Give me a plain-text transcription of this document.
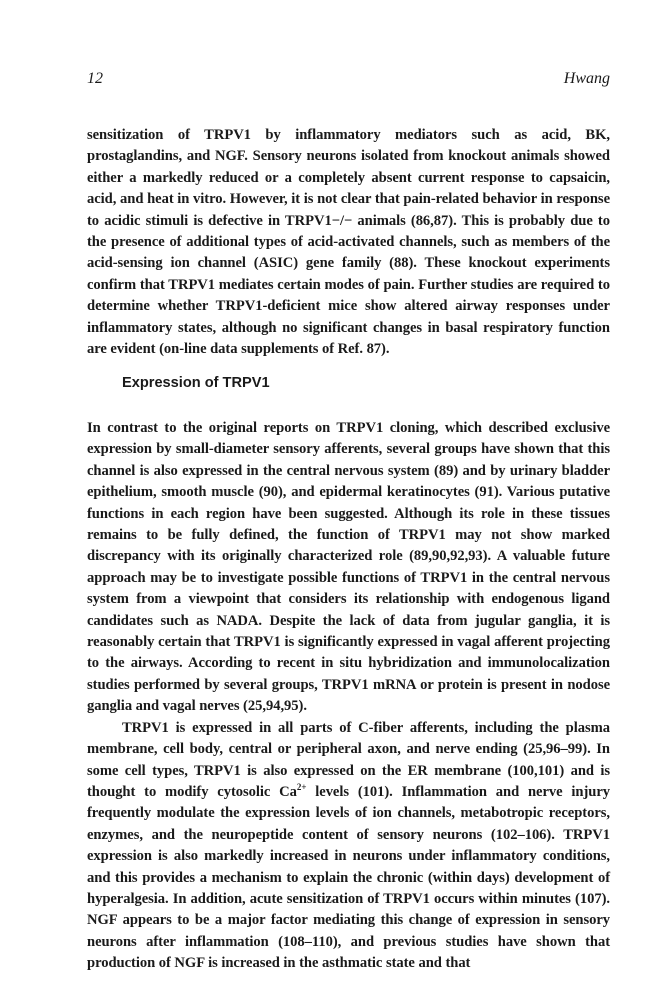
12	Hwang

sensitization of TRPV1 by inflammatory mediators such as acid, BK, prostaglandins, and NGF. Sensory neurons isolated from knockout animals showed either a markedly reduced or a completely absent current response to capsaicin, acid, and heat in vitro. However, it is not clear that pain-related behavior in response to acidic stimuli is defective in TRPV1−/− animals (86,87). This is probably due to the presence of additional types of acid-activated channels, such as members of the acid-sensing ion channel (ASIC) gene family (88). These knockout experiments confirm that TRPV1 mediates certain modes of pain. Further studies are required to determine whether TRPV1-deficient mice show altered airway responses under inflammatory states, although no significant changes in basal respiratory function are evident (on-line data supplements of Ref. 87).

Expression of TRPV1

In contrast to the original reports on TRPV1 cloning, which described exclusive expression by small-diameter sensory afferents, several groups have shown that this channel is also expressed in the central nervous system (89) and by urinary bladder epithelium, smooth muscle (90), and epidermal keratinocytes (91). Various putative functions in each region have been suggested. Although its role in these tissues remains to be fully defined, the function of TRPV1 may not show marked discrepancy with its originally characterized role (89,90,92,93). A valuable future approach may be to investigate possible functions of TRPV1 in the central nervous system from a viewpoint that considers its relationship with endogenous ligand candidates such as NADA. Despite the lack of data from jugular ganglia, it is reasonably certain that TRPV1 is significantly expressed in vagal afferent projecting to the airways. According to recent in situ hybridization and immunolocalization studies performed by several groups, TRPV1 mRNA or protein is present in nodose ganglia and vagal nerves (25,94,95).

TRPV1 is expressed in all parts of C-fiber afferents, including the plasma membrane, cell body, central or peripheral axon, and nerve ending (25,96–99). In some cell types, TRPV1 is also expressed on the ER membrane (100,101) and is thought to modify cytosolic $Ca^{2+}$ levels (101). Inflammation and nerve injury frequently modulate the expression levels of ion channels, metabotropic receptors, enzymes, and the neuropeptide content of sensory neurons (102–106). TRPV1 expression is also markedly increased in neurons under inflammatory conditions, and this provides a mechanism to explain the chronic (within days) development of hyperalgesia. In addition, acute sensitization of TRPV1 occurs within minutes (107). NGF appears to be a major factor mediating this change of expression in sensory neurons after inflammation (108–110), and previous studies have shown that production of NGF is increased in the asthmatic state and that
